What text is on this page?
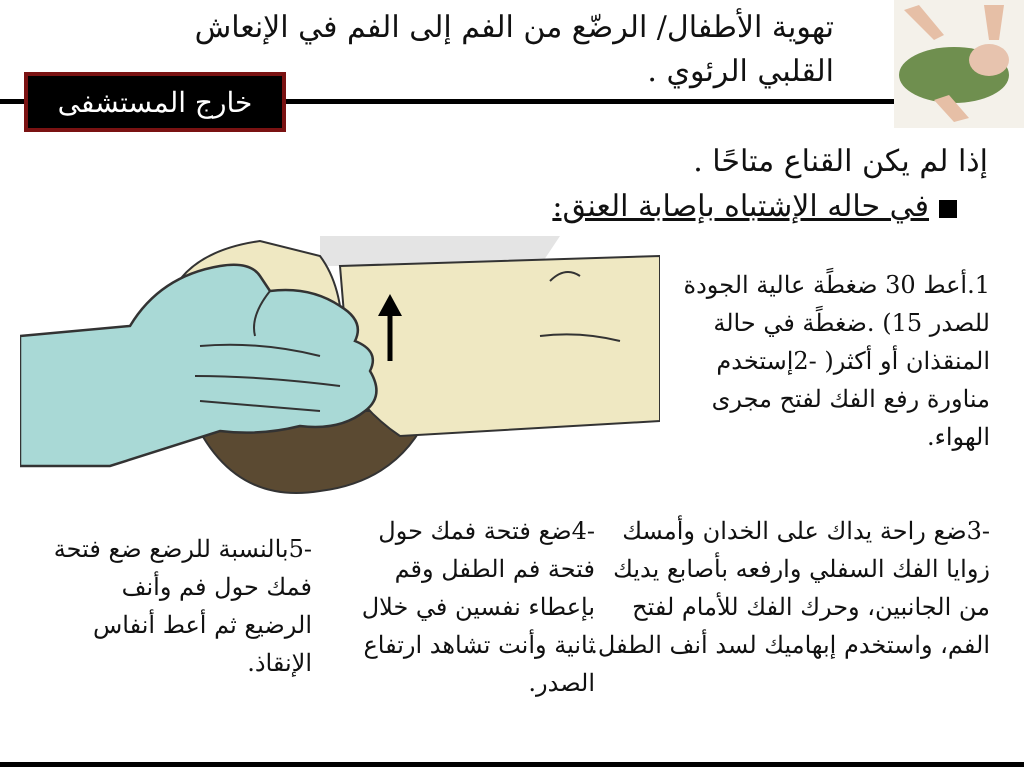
تهوية الأطفال/ الرضّع من الفم إلى الفم في الإنعاش القلبي الرئوي .
خارج المستشفى
إذا لم يكن القناع متاحًا .
في حاله الإشتباه بإصابة العنق:
1.أعط 30 ضغطًة عالية الجودة للصدر 15) .ضغطًة في حالة المنقذان أو أكثر( -2إستخدم مناورة رفع الفك لفتح مجرى الهواء.
-3ضع راحة يداك على الخدان وأمسك زوايا الفك السفلي وارفعه بأصابع يديك من الجانبين، وحرك الفك للأمام لفتح الفم، واستخدم إبهاميك لسد أنف الطفل.
-4ضع فتحة فمك حول فتحة فم الطفل وقم بإعطاء نفسين في خلال ثانية وأنت تشاهد ارتفاع الصدر.
-5بالنسبة للرضع ضع فتحة فمك حول فم وأنف الرضيع ثم أعط أنفاس الإنقاذ.
